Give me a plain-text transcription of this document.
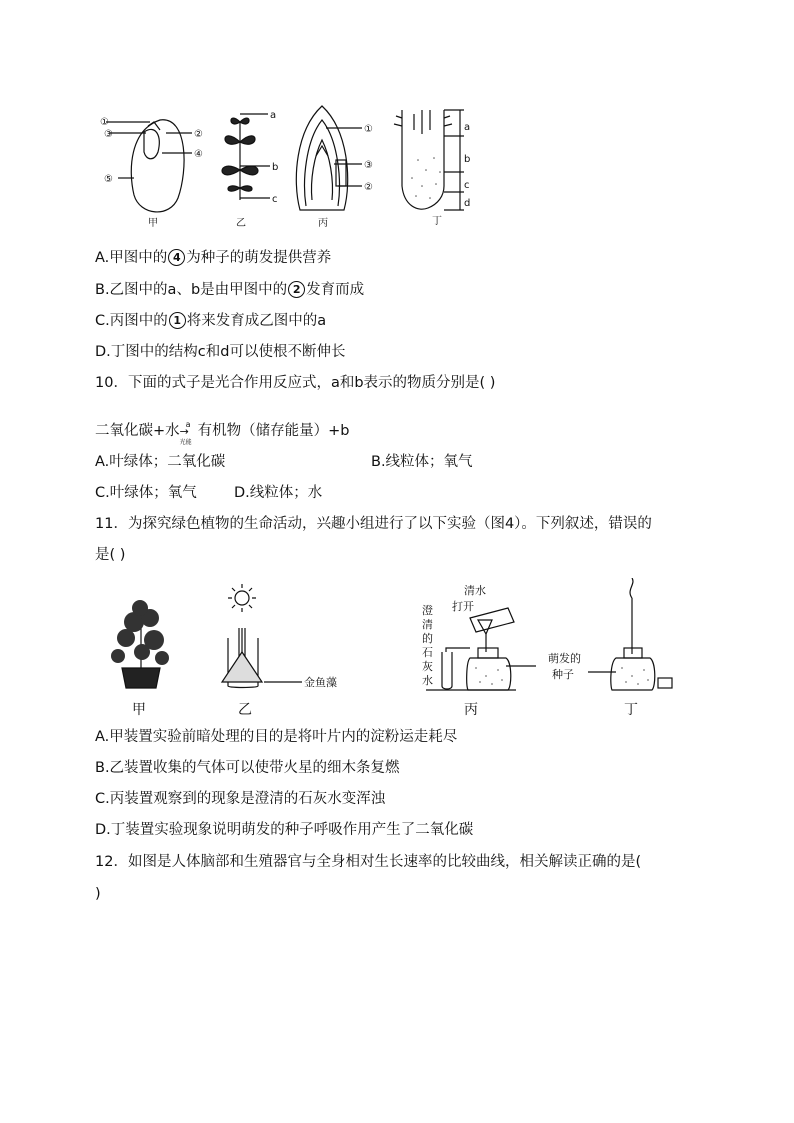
①
③	②
④
⑤
a
b
c
①
③
②
a
b
c
d
甲	乙	丙	丁
A.甲图中的 4 为种子的萌发提供营养
B.乙图中的a、b是由甲图中的 2 发育而成
C.丙图中的 1 将来发育成乙图中的a
D.丁图中的结构c和d可以使根不断伸长
10．下面的式子是光合作用反应式，a和b表示的物质分别是( )
二氧化碳+水 a
→
光能
有机物（储存能量）+b
A.叶绿体；二氧化碳	B.线粒体；氧气
C.叶绿体；氧气	D.线粒体；水
11．为探究绿色植物的生命活动，兴趣小组进行了以下实验（图4）。下列叙述，错误的
是( )
金鱼藻
清水
打开
澄
清
的
石
灰
水
萌发的
种子
甲	乙	丙	丁
A.甲装置实验前暗处理的目的是将叶片内的淀粉运走耗尽
B.乙装置收集的气体可以使带火星的细木条复燃
C.丙装置观察到的现象是澄清的石灰水变浑浊
D.丁装置实验现象说明萌发的种子呼吸作用产生了二氧化碳
12．如图是人体脑部和生殖器官与全身相对生长速率的比较曲线，相关解读正确的是(
)
